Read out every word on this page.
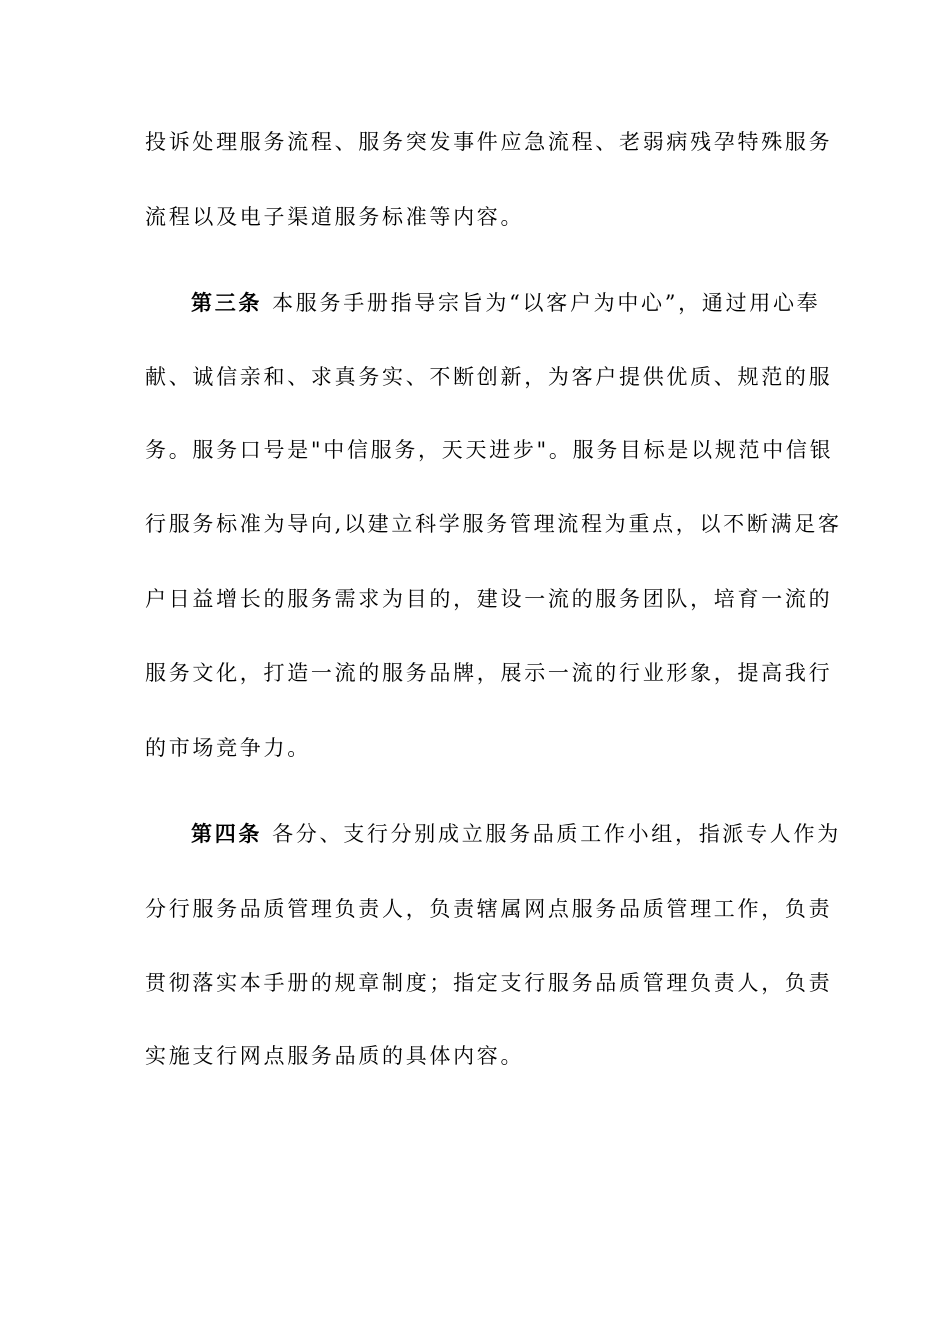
投诉处理服务流程、服务突发事件应急流程、老弱病残孕特殊服务
流程以及电子渠道服务标准等内容。
第三条 本服务手册指导宗旨为“以客户为中心”，通过用心奉
献、诚信亲和、求真务实、不断创新，为客户提供优质、规范的服
务。服务口号是"中信服务，天天进步"。服务目标是以规范中信银
行服务标准为导向,以建立科学服务管理流程为重点，以不断满足客
户日益增长的服务需求为目的，建设一流的服务团队，培育一流的
服务文化，打造一流的服务品牌，展示一流的行业形象，提高我行
的市场竞争力。
第四条 各分、支行分别成立服务品质工作小组，指派专人作为
分行服务品质管理负责人，负责辖属网点服务品质管理工作，负责
贯彻落实本手册的规章制度；指定支行服务品质管理负责人，负责
实施支行网点服务品质的具体内容。
